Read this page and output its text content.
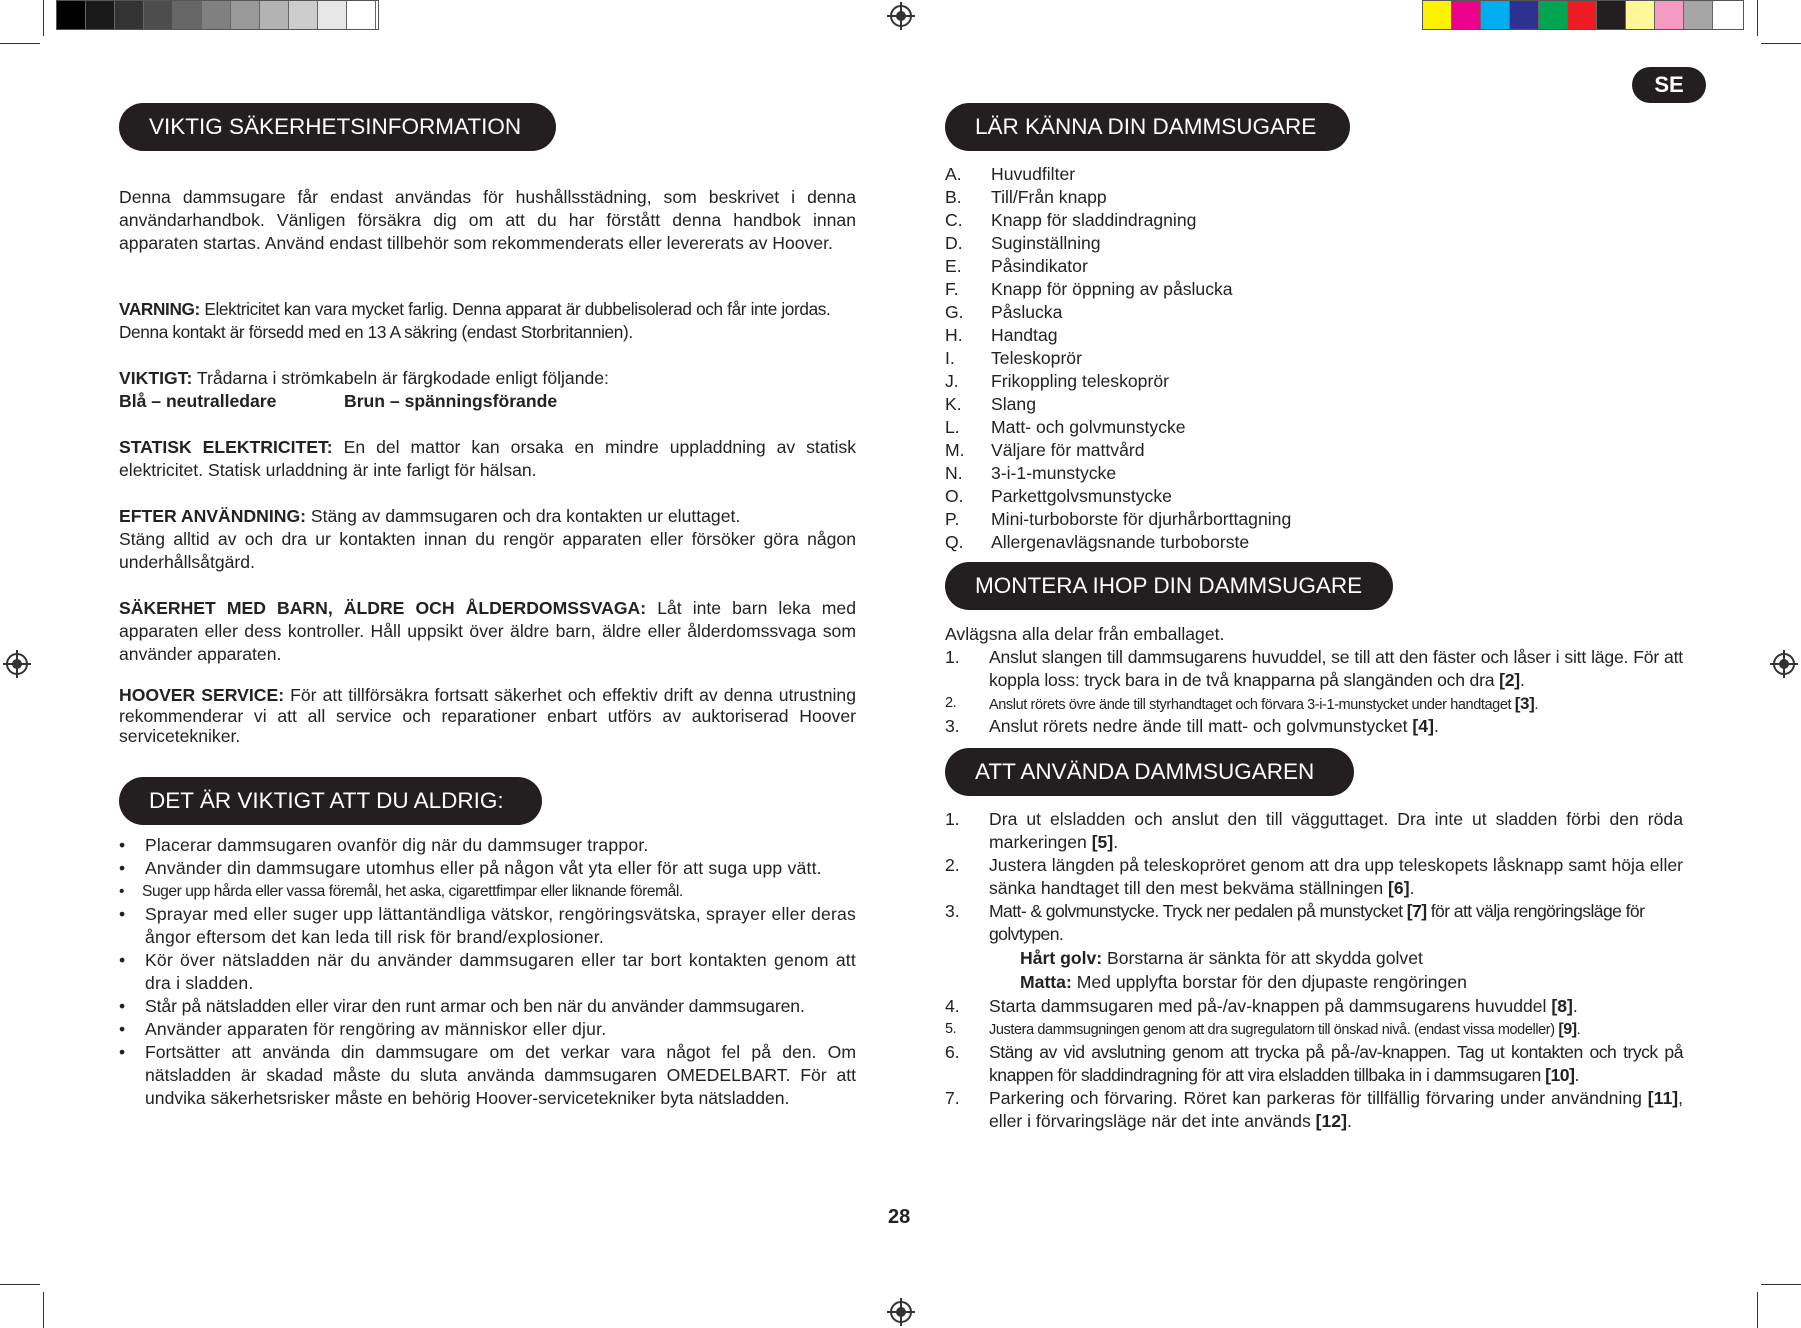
SE
VIKTIG SÄKERHETSINFORMATION
Denna dammsugare får endast användas för hushållsstädning, som beskrivet i denna användarhandbok. Vänligen försäkra dig om att du har förstått denna handbok innan apparaten startas. Använd endast tillbehör som rekommenderats eller levererats av Hoover.
VARNING: Elektricitet kan vara mycket farlig. Denna apparat är dubbelisolerad och får inte jordas. Denna kontakt är försedd med en 13 A säkring (endast Storbritannien).
VIKTIGT: Trådarna i strömkabeln är färgkodade enligt följande:
Blå – neutralledare	Brun – spänningsförande
STATISK ELEKTRICITET: En del mattor kan orsaka en mindre uppladdning av statisk elektricitet. Statisk urladdning är inte farligt för hälsan.
EFTER ANVÄNDNING: Stäng av dammsugaren och dra kontakten ur eluttaget.
Stäng alltid av och dra ur kontakten innan du rengör apparaten eller försöker göra någon underhållsåtgärd.
SÄKERHET MED BARN, ÄLDRE OCH ÅLDERDOMSSVAGA: Låt inte barn leka med apparaten eller dess kontroller. Håll uppsikt över äldre barn, äldre eller ålderdomssvaga som använder apparaten.
HOOVER SERVICE: För att tillförsäkra fortsatt säkerhet och effektiv drift av denna utrustning rekommenderar vi att all service och reparationer enbart utförs av auktoriserad Hoover servicetekniker.
DET ÄR VIKTIGT ATT DU ALDRIG:
• Placerar dammsugaren ovanför dig när du dammsuger trappor.
• Använder din dammsugare utomhus eller på någon våt yta eller för att suga upp vätt.
• Suger upp hårda eller vassa föremål, het aska, cigarettfimpar eller liknande föremål.
• Sprayar med eller suger upp lättantändliga vätskor, rengöringsvätska, sprayer eller deras ångor eftersom det kan leda till risk för brand/explosioner.
• Kör över nätsladden när du använder dammsugaren eller tar bort kontakten genom att dra i sladden.
• Står på nätsladden eller virar den runt armar och ben när du använder dammsugaren.
• Använder apparaten för rengöring av människor eller djur.
• Fortsätter att använda din dammsugare om det verkar vara något fel på den. Om nätsladden är skadad måste du sluta använda dammsugaren OMEDELBART. För att undvika säkerhetsrisker måste en behörig Hoover-servicetekniker byta nätsladden.
LÄR KÄNNA DIN DAMMSUGARE
A. Huvudfilter
B. Till/Från knapp
C. Knapp för sladdindragning
D. Suginställning
E. Påsindikator
F. Knapp för öppning av påslucka
G. Påslucka
H. Handtag
I. Teleskoprör
J. Frikoppling teleskoprör
K. Slang
L. Matt- och golvmunstycke
M. Väljare för mattvård
N. 3-i-1-munstycke
O. Parkettgolvsmunstycke
P. Mini-turboborste för djurhårborttagning
Q. Allergenavlägsnande turboborste
MONTERA IHOP DIN DAMMSUGARE
Avlägsna alla delar från emballaget.
1. Anslut slangen till dammsugarens huvuddel, se till att den fäster och låser i sitt läge. För att koppla loss: tryck bara in de två knapparna på slangänden och dra [2].
2. Anslut rörets övre ände till styrhandtaget och förvara 3-i-1-munstycket under handtaget [3].
3. Anslut rörets nedre ände till matt- och golvmunstycket [4].
ATT ANVÄNDA DAMMSUGAREN
1. Dra ut elsladden och anslut den till vägguttaget. Dra inte ut sladden förbi den röda markeringen [5].
2. Justera längden på teleskopröret genom att dra upp teleskopets låsknapp samt höja eller sänka handtaget till den mest bekväma ställningen [6].
3. Matt- & golvmunstycke. Tryck ner pedalen på munstycket [7] för att välja rengöringsläge för golvtypen.
Hårt golv: Borstarna är sänkta för att skydda golvet
Matta: Med upplyfta borstar för den djupaste rengöringen
4. Starta dammsugaren med på-/av-knappen på dammsugarens huvuddel [8].
5. Justera dammsugningen genom att dra sugregulatorn till önskad nivå. (endast vissa modeller) [9].
6. Stäng av vid avslutning genom att trycka på på-/av-knappen. Tag ut kontakten och tryck på knappen för sladdindragning för att vira elsladden tillbaka in i dammsugaren [10].
7. Parkering och förvaring. Röret kan parkeras för tillfällig förvaring under användning [11], eller i förvaringsläge när det inte används [12].
28
